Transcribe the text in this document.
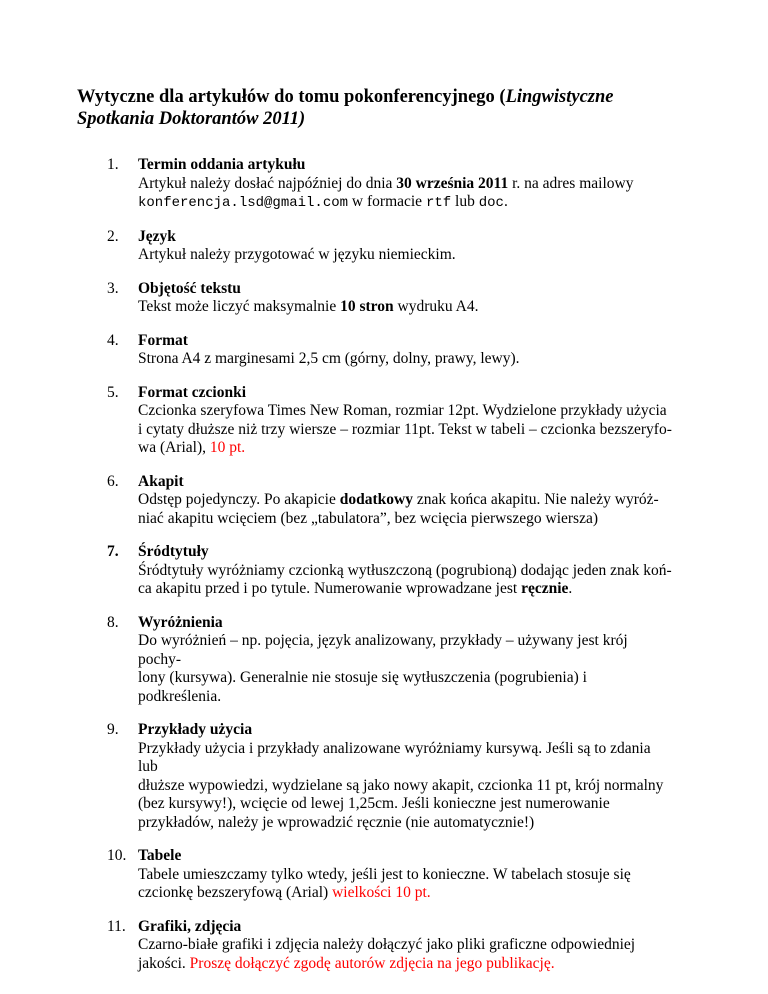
Wytyczne dla artykułów do tomu pokonferencyjnego (Lingwistyczne Spotkania Doktorantów 2011)
1. Termin oddania artykułu
Artykuł należy dosłać najpóźniej do dnia 30 września 2011 r. na adres mailowy
konferencja.lsd@gmail.com w formacie rtf lub doc.
2. Język
Artykuł należy przygotować w języku niemieckim.
3. Objętość tekstu
Tekst może liczyć maksymalnie 10 stron wydruku A4.
4. Format
Strona A4 z marginesami 2,5 cm (górny, dolny, prawy, lewy).
5. Format czcionki
Czcionka szeryfowa Times New Roman, rozmiar 12pt. Wydzielone przykłady użycia
i cytaty dłuższe niż trzy wiersze – rozmiar 11pt. Tekst w tabeli – czcionka bezszeryfo-
wa (Arial), 10 pt.
6. Akapit
Odstęp pojedynczy. Po akapicie dodatkowy znak końca akapitu. Nie należy wyróż-
niać akapitu wcięciem (bez „tabulatora”, bez wcięcia pierwszego wiersza)
7. Śródtytuły
Śródtytuły wyróżniamy czcionką wytłuszczoną (pogrubioną) dodając jeden znak koń-
ca akapitu przed i po tytule. Numerowanie wprowadzane jest ręcznie.
8. Wyróżnienia
Do wyróżnień – np. pojęcia, język analizowany, przykłady – używany jest krój pochy-
lony (kursywa). Generalnie nie stosuje się wytłuszczenia (pogrubienia) i podkreślenia.
9. Przykłady użycia
Przykłady użycia i przykłady analizowane wyróżniamy kursywą. Jeśli są to zdania lub
dłuższe wypowiedzi, wydzielane są jako nowy akapit, czcionka 11 pt, krój normalny
(bez kursywy!), wcięcie od lewej 1,25cm. Jeśli konieczne jest numerowanie
przykładów, należy je wprowadzić ręcznie (nie automatycznie!)
10. Tabele
Tabele umieszczamy tylko wtedy, jeśli jest to konieczne. W tabelach stosuje się
czcionkę bezszeryfową (Arial) wielkości 10 pt.
11. Grafiki, zdjęcia
Czarno-białe grafiki i zdjęcia należy dołączyć jako pliki graficzne odpowiedniej
jakości. Proszę dołączyć zgodę autorów zdjęcia na jego publikację.
